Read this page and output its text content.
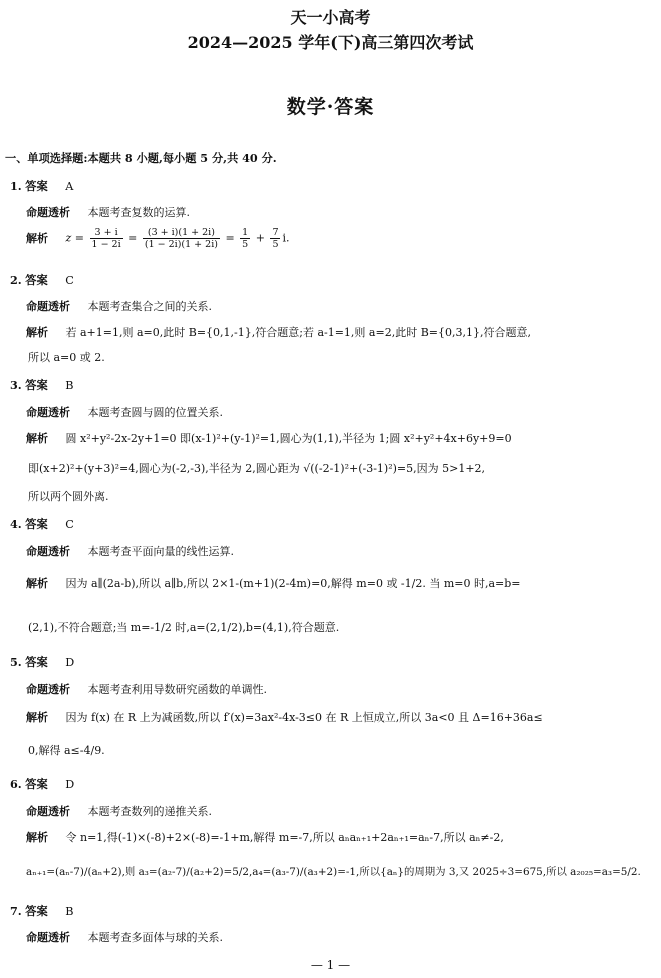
天一小高考
2024—2025 学年(下)高三第四次考试
数学·答案
一、单项选择题:本题共 8 小题,每小题 5 分,共 40 分.
1. 答案 A
命题透析 本题考查复数的运算.
解析 $z = \frac{3 + i}{1 - 2i} = \frac{(3 + i)(1 + 2i)}{(1 - 2i)(1 + 2i)} = \frac{1}{5} + \frac{7}{5} i$.
2. 答案 C
命题透析 本题考查集合之间的关系.
解析 若 a+1=1,则 a=0,此时 B={0,1,-1},符合题意;若 a-1=1,则 a=2,此时 B={0,3,1},符合题意,
所以 a=0 或 2.
3. 答案 B
命题透析 本题考查圆与圆的位置关系.
解析 圆 x²+y²-2x-2y+1=0 即(x-1)²+(y-1)²=1,圆心为(1,1),半径为 1;圆 x²+y²+4x+6y+9=0
即(x+2)²+(y+3)²=4,圆心为(-2,-3),半径为 2,圆心距为 √((-2-1)²+(-3-1)²)=5,因为 5>1+2,
所以两个圆外离.
4. 答案 C
命题透析 本题考查平面向量的线性运算.
解析 因为 a∥(2a-b),所以 a∥b,所以 2×1-(m+1)(2-4m)=0,解得 m=0 或 -1/2. 当 m=0 时,a=b=
(2,1),不符合题意;当 m=-1/2 时,a=(2,1/2),b=(4,1),符合题意.
5. 答案 D
命题透析 本题考查利用导数研究函数的单调性.
解析 因为 f(x) 在 R 上为减函数,所以 f′(x)=3ax²-4x-3≤0 在 R 上恒成立,所以 3a<0 且 Δ=16+36a≤
0,解得 a≤-4/9.
6. 答案 D
命题透析 本题考查数列的递推关系.
解析 令 n=1,得(-1)×(-8)+2×(-8)=-1+m,解得 m=-7,所以 aₙaₙ₊₁+2aₙ₊₁=aₙ-7,所以 aₙ≠-2,
aₙ₊₁=(aₙ-7)/(aₙ+2),则 a₃=(a₂-7)/(a₂+2)=5/2,a₄=(a₃-7)/(a₃+2)=-1,所以{aₙ}的周期为 3,又 2025÷3=675,所以 a₂₀₂₅=a₃=5/2.
7. 答案 B
命题透析 本题考查多面体与球的关系.
— 1 —
